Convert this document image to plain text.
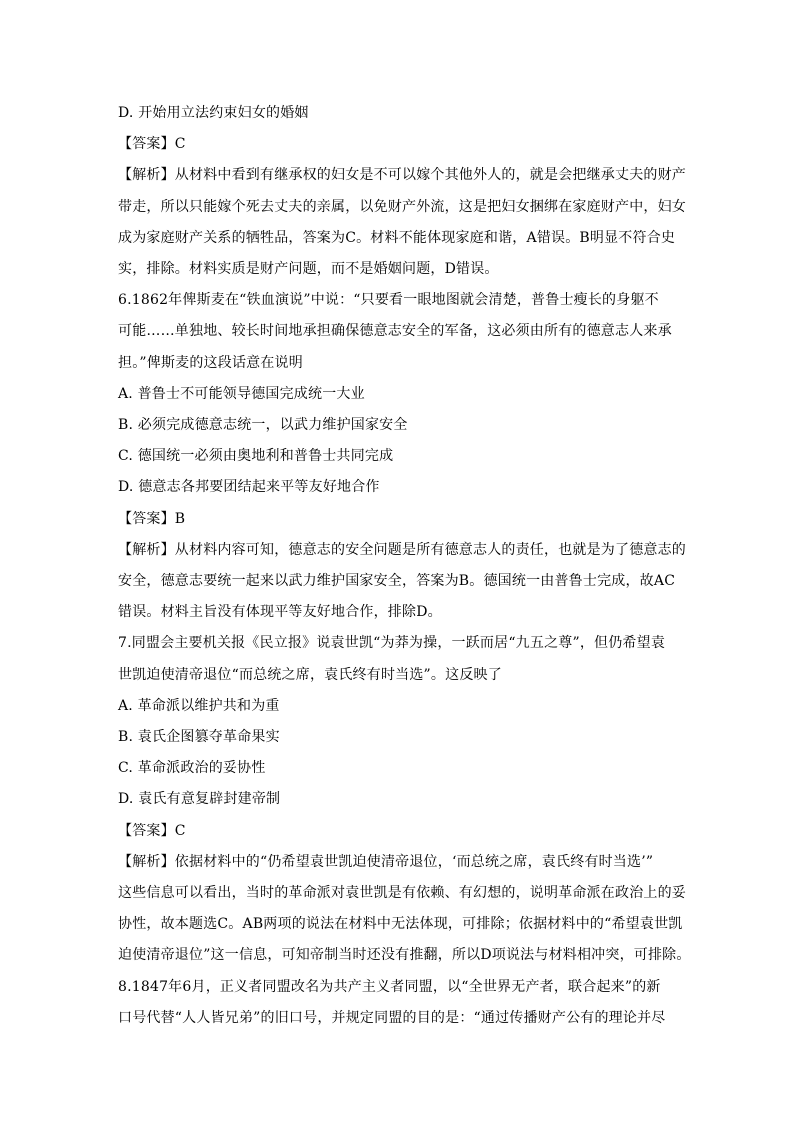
D. 开始用立法约束妇女的婚姻
【答案】C
【解析】从材料中看到有继承权的妇女是不可以嫁个其他外人的，就是会把继承丈夫的财产
带走，所以只能嫁个死去丈夫的亲属，以免财产外流，这是把妇女捆绑在家庭财产中，妇女
成为家庭财产关系的牺牲品，答案为C。材料不能体现家庭和谐，A错误。B明显不符合史
实，排除。材料实质是财产问题，而不是婚姻问题，D错误。
6.1862年俾斯麦在“铁血演说”中说：“只要看一眼地图就会清楚，普鲁士瘦长的身躯不
可能……单独地、较长时间地承担确保德意志安全的军备，这必须由所有的德意志人来承
担。”俾斯麦的这段话意在说明
A. 普鲁士不可能领导德国完成统一大业
B. 必须完成德意志统一，以武力维护国家安全
C. 德国统一必须由奥地利和普鲁士共同完成
D. 德意志各邦要团结起来平等友好地合作
【答案】B
【解析】从材料内容可知，德意志的安全问题是所有德意志人的责任，也就是为了德意志的
安全，德意志要统一起来以武力维护国家安全，答案为B。德国统一由普鲁士完成，故AC
错误。材料主旨没有体现平等友好地合作，排除D。
7.同盟会主要机关报《民立报》说袁世凯“为莽为操，一跃而居“九五之尊”，但仍希望袁
世凯迫使清帝退位“而总统之席，袁氏终有时当选”。这反映了
A. 革命派以维护共和为重
B. 袁氏企图篡夺革命果实
C. 革命派政治的妥协性
D. 袁氏有意复辟封建帝制
【答案】C
【解析】依据材料中的“仍希望袁世凯迫使清帝退位，‘而总统之席，袁氏终有时当选’”
这些信息可以看出，当时的革命派对袁世凯是有依赖、有幻想的，说明革命派在政治上的妥
协性，故本题选C。AB两项的说法在材料中无法体现，可排除；依据材料中的“希望袁世凯
迫使清帝退位”这一信息，可知帝制当时还没有推翻，所以D项说法与材料相冲突，可排除。
8.1847年6月，正义者同盟改名为共产主义者同盟，以“全世界无产者，联合起来”的新
口号代替“人人皆兄弟”的旧口号，并规定同盟的目的是：“通过传播财产公有的理论并尽
